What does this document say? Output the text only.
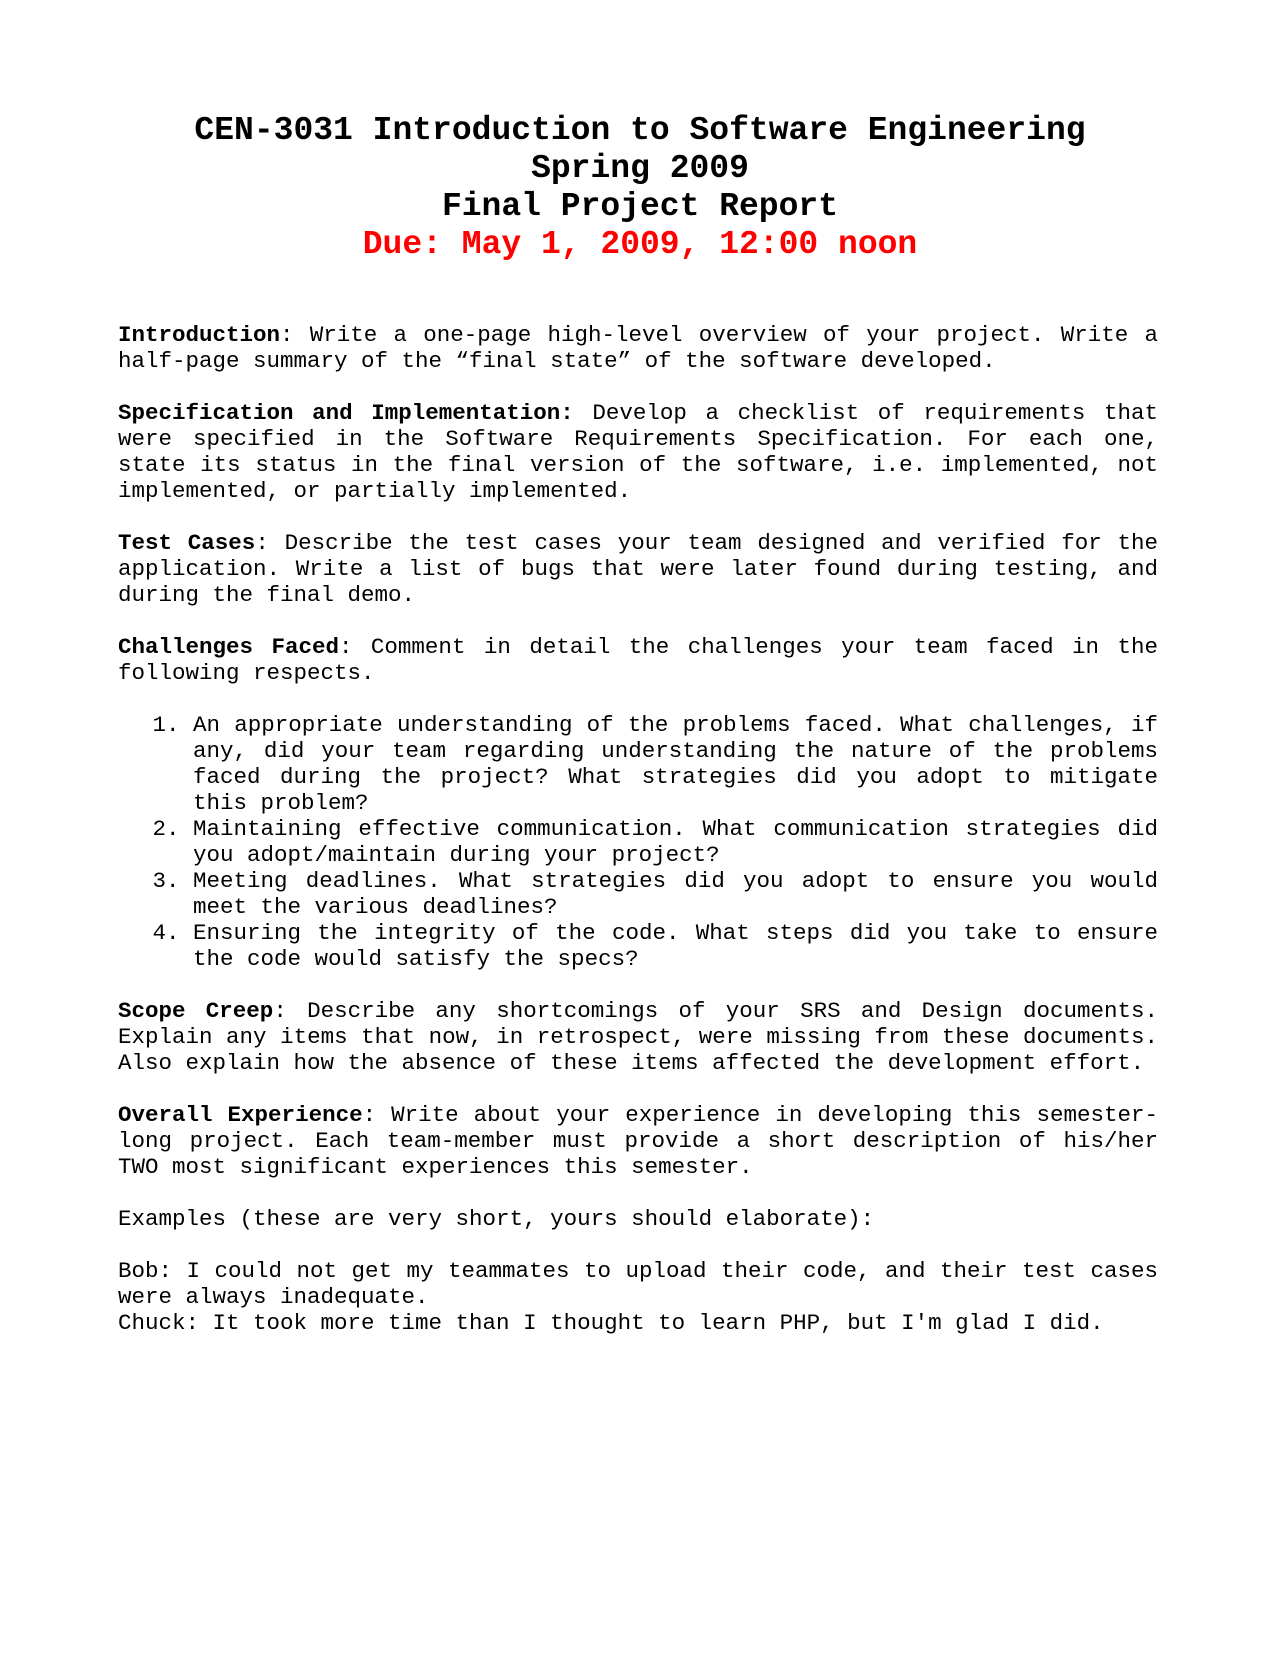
CEN-3031 Introduction to Software Engineering
Spring 2009
Final Project Report
Due: May 1, 2009, 12:00 noon

Introduction: Write a one-page high-level overview of your project. Write a half-page summary of the “final state” of the software developed.

Specification and Implementation: Develop a checklist of requirements that were specified in the Software Requirements Specification. For each one, state its status in the final version of the software, i.e. implemented, not implemented, or partially implemented.

Test Cases: Describe the test cases your team designed and verified for the application. Write a list of bugs that were later found during testing, and during the final demo.

Challenges Faced: Comment in detail the challenges your team faced in the following respects.

1. An appropriate understanding of the problems faced. What challenges, if any, did your team regarding understanding the nature of the problems faced during the project? What strategies did you adopt to mitigate this problem?
2. Maintaining effective communication. What communication strategies did you adopt/maintain during your project?
3. Meeting deadlines. What strategies did you adopt to ensure you would meet the various deadlines?
4. Ensuring the integrity of the code. What steps did you take to ensure the code would satisfy the specs?

Scope Creep: Describe any shortcomings of your SRS and Design documents. Explain any items that now, in retrospect, were missing from these documents. Also explain how the absence of these items affected the development effort.

Overall Experience: Write about your experience in developing this semester-long project. Each team-member must provide a short description of his/her TWO most significant experiences this semester.

Examples (these are very short, yours should elaborate):

Bob: I could not get my teammates to upload their code, and their test cases were always inadequate.
Chuck: It took more time than I thought to learn PHP, but I'm glad I did.
